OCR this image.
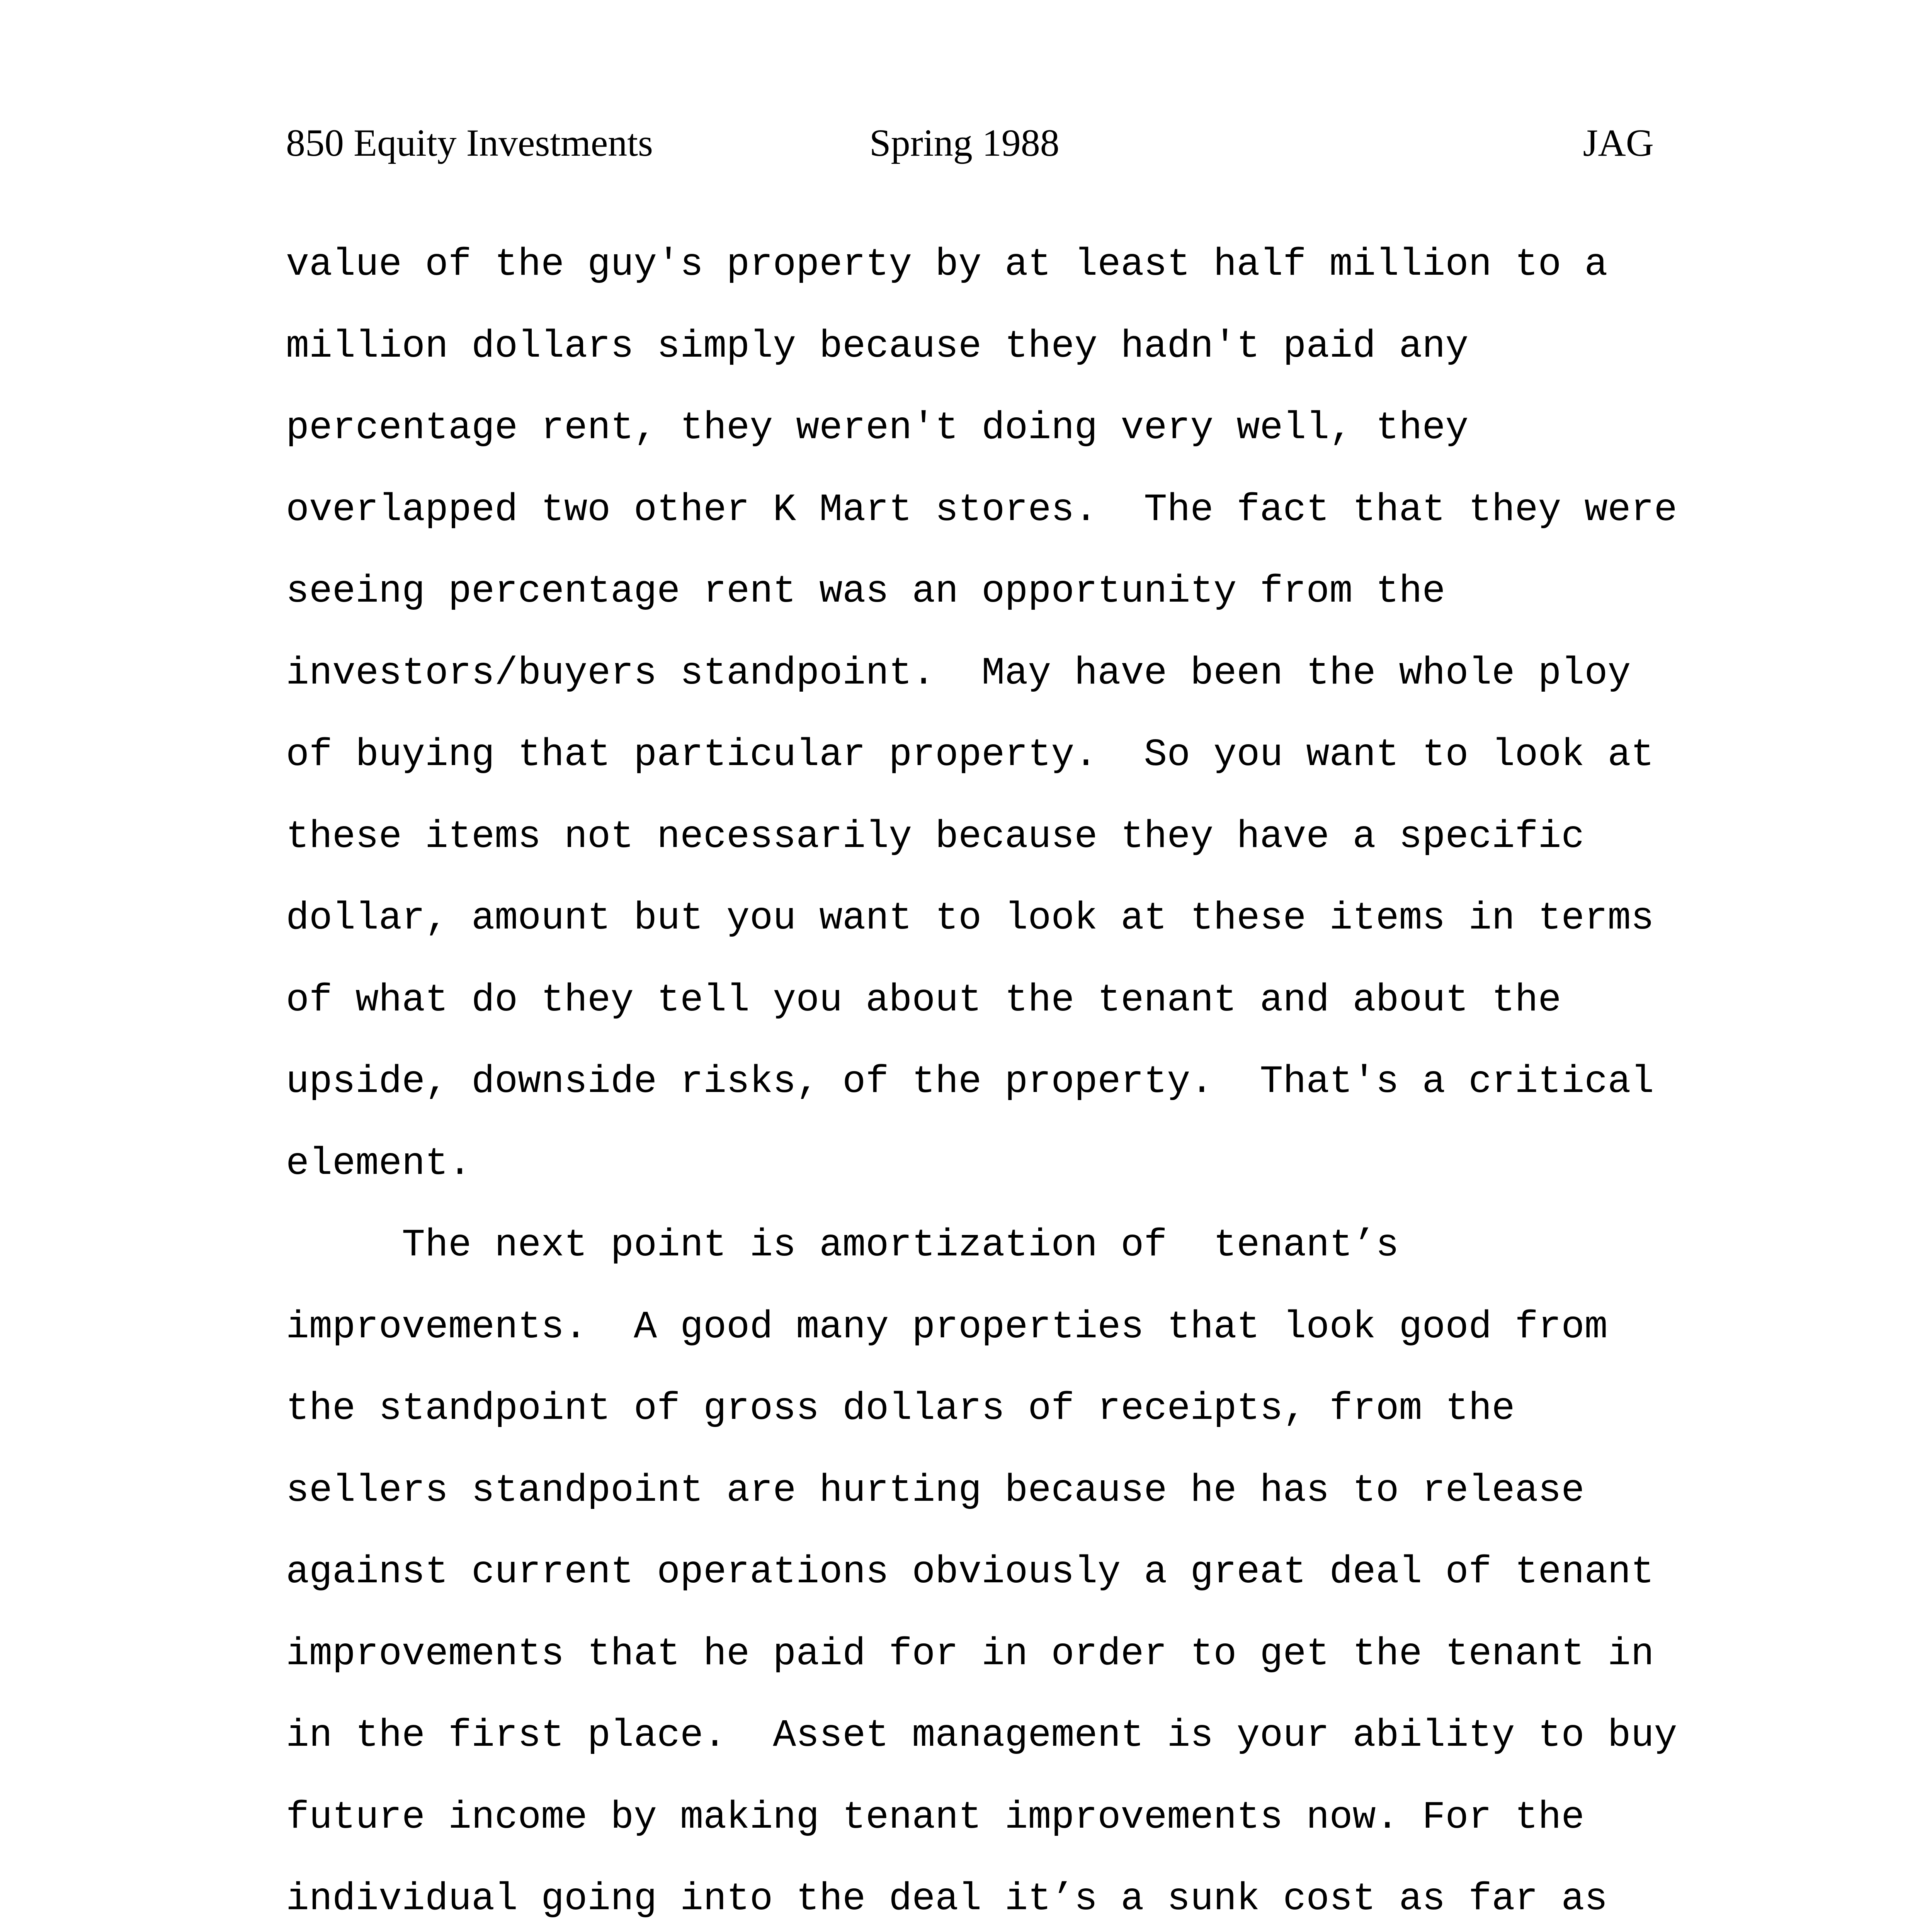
850 Equity Investments	Spring 1988	JAG
value of the guy's property by at least half million to a
million dollars simply because they hadn't paid any
percentage rent, they weren't doing very well, they
overlapped two other K Mart stores.  The fact that they were
seeing percentage rent was an opportunity from the
investors/buyers standpoint.  May have been the whole ploy
of buying that particular property.  So you want to look at
these items not necessarily because they have a specific
dollar, amount but you want to look at these items in terms
of what do they tell you about the tenant and about the
upside, downside risks, of the property.  That's a critical
element.
The next point is amortization of  tenant’s
improvements.  A good many properties that look good from
the standpoint of gross dollars of receipts, from the
sellers standpoint are hurting because he has to release
against current operations obviously a great deal of tenant
improvements that he paid for in order to get the tenant in
in the first place.  Asset management is your ability to buy
future income by making tenant improvements now. For the
individual going into the deal it’s a sunk cost as far as
